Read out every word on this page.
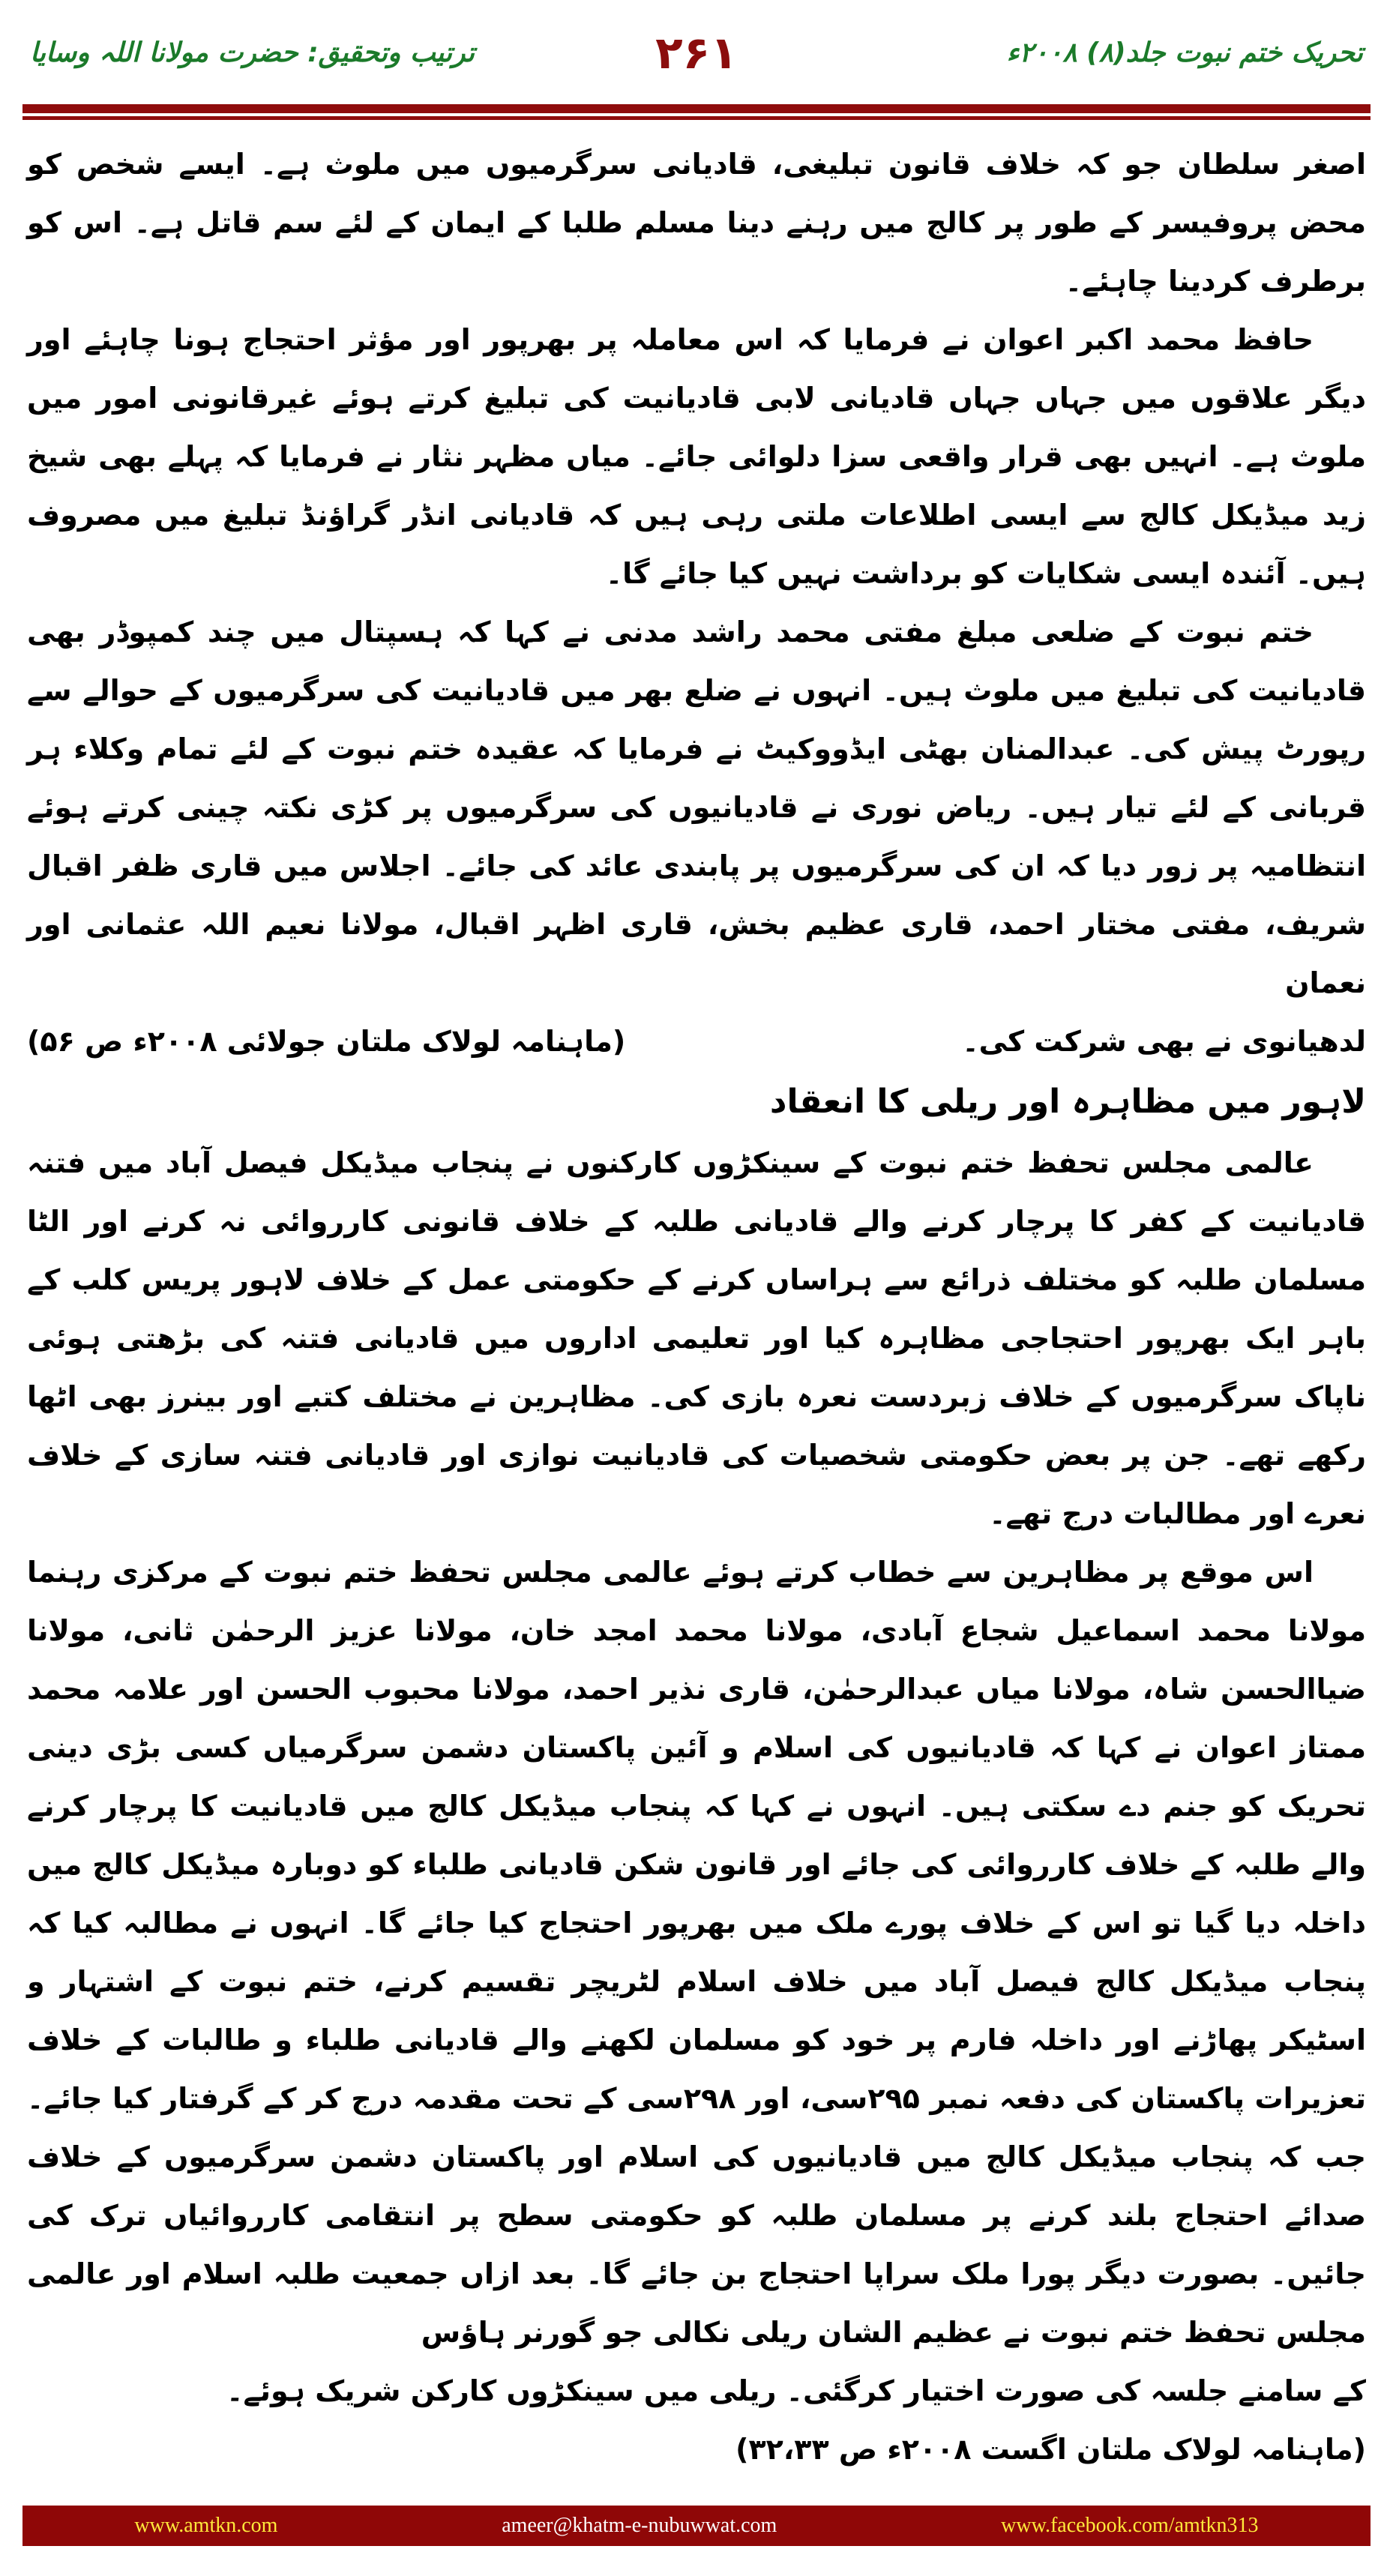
تحریک ختم نبوت جلد(۸) ۲۰۰۸ء
۲۶۱
ترتیب وتحقیق: حضرت مولانا اللہ وسایا

اصغر سلطان جو کہ خلاف قانون تبلیغی، قادیانی سرگرمیوں میں ملوث ہے۔ ایسے شخص کو محض پروفیسر کے طور پر کالج میں رہنے دینا مسلم طلبا کے ایمان کے لئے سم قاتل ہے۔ اس کو برطرف کردینا چاہئے۔

حافظ محمد اکبر اعوان نے فرمایا کہ اس معاملہ پر بھرپور اور مؤثر احتجاج ہونا چاہئے اور دیگر علاقوں میں جہاں جہاں قادیانی لابی قادیانیت کی تبلیغ کرتے ہوئے غیرقانونی امور میں ملوث ہے۔ انہیں بھی قرار واقعی سزا دلوائی جائے۔ میاں مظہر نثار نے فرمایا کہ پہلے بھی شیخ زید میڈیکل کالج سے ایسی اطلاعات ملتی رہی ہیں کہ قادیانی انڈر گراؤنڈ تبلیغ میں مصروف ہیں۔ آئندہ ایسی شکایات کو برداشت نہیں کیا جائے گا۔

ختم نبوت کے ضلعی مبلغ مفتی محمد راشد مدنی نے کہا کہ ہسپتال میں چند کمپوڈر بھی قادیانیت کی تبلیغ میں ملوث ہیں۔ انہوں نے ضلع بھر میں قادیانیت کی سرگرمیوں کے حوالے سے رپورٹ پیش کی۔ عبدالمنان بھٹی ایڈووکیٹ نے فرمایا کہ عقیدہ ختم نبوت کے لئے تمام وکلاء ہر قربانی کے لئے تیار ہیں۔ ریاض نوری نے قادیانیوں کی سرگرمیوں پر کڑی نکتہ چینی کرتے ہوئے انتظامیہ پر زور دیا کہ ان کی سرگرمیوں پر پابندی عائد کی جائے۔ اجلاس میں قاری ظفر اقبال شریف، مفتی مختار احمد، قاری عظیم بخش، قاری اظہر اقبال، مولانا نعیم اللہ عثمانی اور نعمان

لدھیانوی نے بھی شرکت کی۔
(ماہنامہ لولاک ملتان جولائی ۲۰۰۸ء ص ۵۶)

لاہور میں مظاہرہ اور ریلی کا انعقاد

عالمی مجلس تحفظ ختم نبوت کے سینکڑوں کارکنوں نے پنجاب میڈیکل فیصل آباد میں فتنہ قادیانیت کے کفر کا پرچار کرنے والے قادیانی طلبہ کے خلاف قانونی کارروائی نہ کرنے اور الٹا مسلمان طلبہ کو مختلف ذرائع سے ہراساں کرنے کے حکومتی عمل کے خلاف لاہور پریس کلب کے باہر ایک بھرپور احتجاجی مظاہرہ کیا اور تعلیمی اداروں میں قادیانی فتنہ کی بڑھتی ہوئی ناپاک سرگرمیوں کے خلاف زبردست نعرہ بازی کی۔ مظاہرین نے مختلف کتبے اور بینرز بھی اٹھا رکھے تھے۔ جن پر بعض حکومتی شخصیات کی قادیانیت نوازی اور قادیانی فتنہ سازی کے خلاف نعرے اور مطالبات درج تھے۔

اس موقع پر مظاہرین سے خطاب کرتے ہوئے عالمی مجلس تحفظ ختم نبوت کے مرکزی رہنما مولانا محمد اسماعیل شجاع آبادی، مولانا محمد امجد خان، مولانا عزیز الرحمٰن ثانی، مولانا ضیاالحسن شاہ، مولانا میاں عبدالرحمٰن، قاری نذیر احمد، مولانا محبوب الحسن اور علامہ محمد ممتاز اعوان نے کہا کہ قادیانیوں کی اسلام و آئین پاکستان دشمن سرگرمیاں کسی بڑی دینی تحریک کو جنم دے سکتی ہیں۔ انہوں نے کہا کہ پنجاب میڈیکل کالج میں قادیانیت کا پرچار کرنے والے طلبہ کے خلاف کارروائی کی جائے اور قانون شکن قادیانی طلباء کو دوبارہ میڈیکل کالج میں داخلہ دیا گیا تو اس کے خلاف پورے ملک میں بھرپور احتجاج کیا جائے گا۔ انہوں نے مطالبہ کیا کہ پنجاب میڈیکل کالج فیصل آباد میں خلاف اسلام لٹریچر تقسیم کرنے، ختم نبوت کے اشتہار و اسٹیکر پھاڑنے اور داخلہ فارم پر خود کو مسلمان لکھنے والے قادیانی طلباء و طالبات کے خلاف تعزیرات پاکستان کی دفعہ نمبر ۲۹۵سی، اور ۲۹۸سی کے تحت مقدمہ درج کر کے گرفتار کیا جائے۔ جب کہ پنجاب میڈیکل کالج میں قادیانیوں کی اسلام اور پاکستان دشمن سرگرمیوں کے خلاف صدائے احتجاج بلند کرنے پر مسلمان طلبہ کو حکومتی سطح پر انتقامی کارروائیاں ترک کی جائیں۔ بصورت دیگر پورا ملک سراپا احتجاج بن جائے گا۔ بعد ازاں جمعیت طلبہ اسلام اور عالمی مجلس تحفظ ختم نبوت نے عظیم الشان ریلی نکالی جو گورنر ہاؤس

کے سامنے جلسہ کی صورت اختیار کرگئی۔ ریلی میں سینکڑوں کارکن شریک ہوئے۔
(ماہنامہ لولاک ملتان اگست ۲۰۰۸ء ص ۳۲،۳۳)
www.amtkn.com	ameer@khatm-e-nubuwwat.com	www.facebook.com/amtkn313
